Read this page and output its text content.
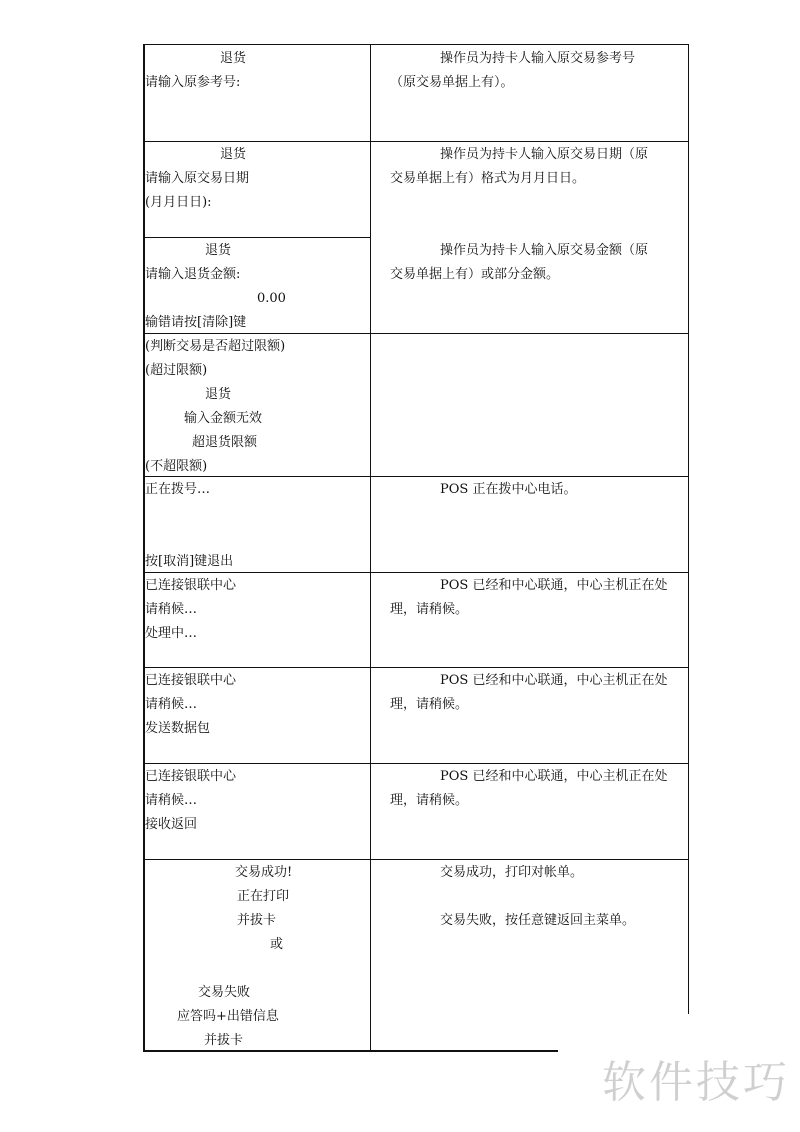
退货
请输入原参考号:
操作员为持卡人输入原交易参考号
（原交易单据上有）。
退货
请输入原交易日期
(月月日日):
操作员为持卡人输入原交易日期（原
交易单据上有）格式为月月日日。
退货
请输入退货金额:
0.00
输错请按[清除]键
操作员为持卡人输入原交易金额（原
交易单据上有）或部分金额。
(判断交易是否超过限额)
(超过限额)
退货
输入金额无效
超退货限额
(不超限额)
正在拨号…
按[取消]键退出
POS 正在拨中心电话。
已连接银联中心
请稍候…
处理中…
POS 已经和中心联通，中心主机正在处
理，请稍候。
已连接银联中心
请稍候…
发送数据包
POS 已经和中心联通，中心主机正在处
理，请稍候。
已连接银联中心
请稍候…
接收返回
POS 已经和中心联通，中心主机正在处
理，请稍候。
交易成功!
正在打印
并拔卡
或
交易失败
应答吗+出错信息
并拔卡
交易成功，打印对帐单。
交易失败，按任意键返回主菜单。
软件技巧
